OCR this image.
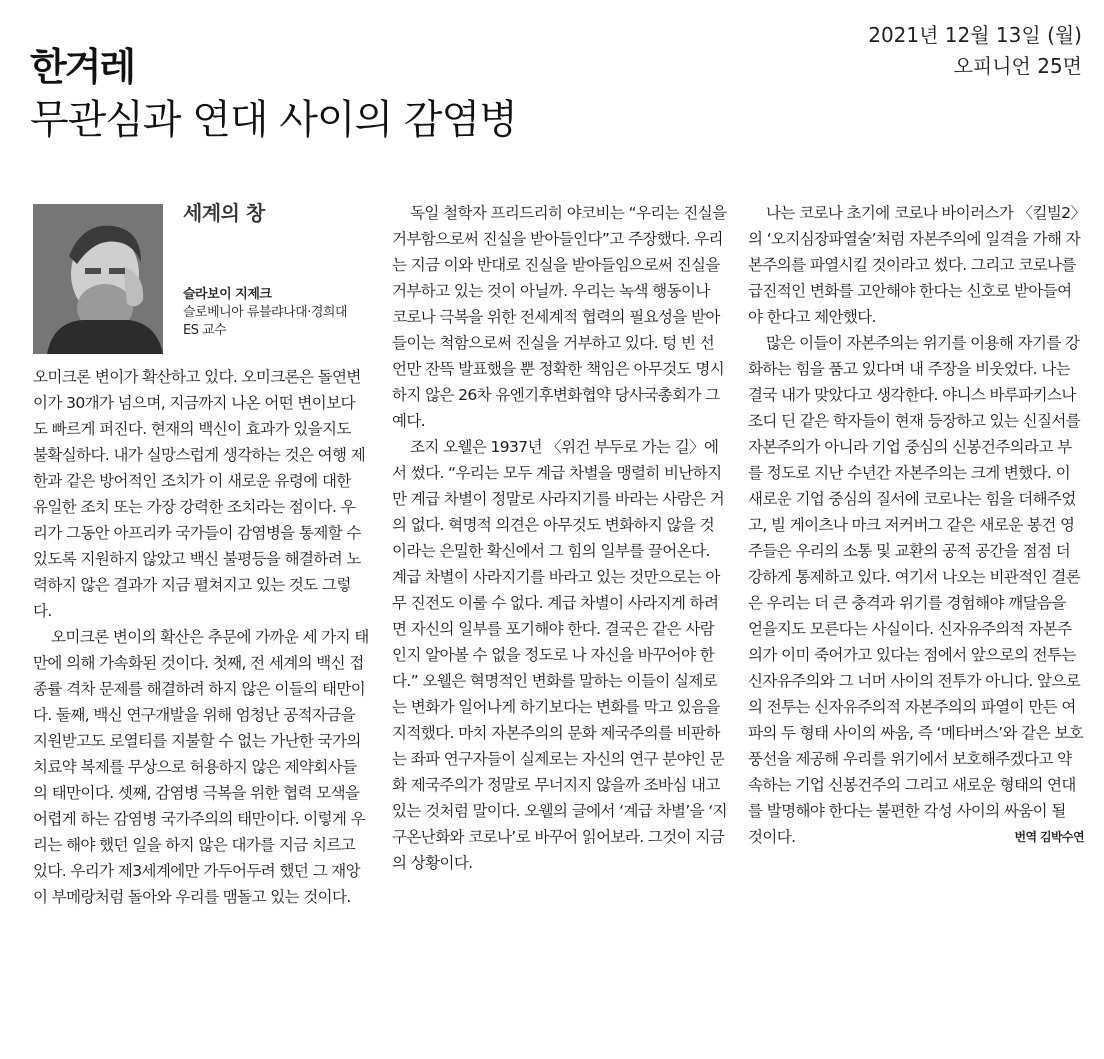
한겨레
2021년 12월 13일 (월)
오피니언 25면
무관심과 연대 사이의 감염병
세계의 창
슬라보이 지제크
슬로베니아 류블랴나대·경희대
ES 교수

오미크론 변이가 확산하고 있다. 오미크론은 돌연변이가 30개가 넘으며, 지금까지 나온 어떤 변이보다도 빠르게 퍼진다. 현재의 백신이 효과가 있을지도 불확실하다. 내가 실망스럽게 생각하는 것은 여행 제한과 같은 방어적인 조치가 이 새로운 유령에 대한 유일한 조치 또는 가장 강력한 조치라는 점이다. 우리가 그동안 아프리카 국가들이 감염병을 통제할 수 있도록 지원하지 않았고 백신 불평등을 해결하려 노력하지 않은 결과가 지금 펼쳐지고 있는 것도 그렇다.

오미크론 변이의 확산은 추문에 가까운 세 가지 태만에 의해 가속화된 것이다. 첫째, 전 세계의 백신 접종률 격차 문제를 해결하려 하지 않은 이들의 태만이다. 둘째, 백신 연구개발을 위해 엄청난 공적자금을 지원받고도 로열티를 지불할 수 없는 가난한 국가의 치료약 복제를 무상으로 허용하지 않은 제약회사들의 태만이다. 셋째, 감염병 극복을 위한 협력 모색을 어렵게 하는 감염병 국가주의의 태만이다. 이렇게 우리는 해야 했던 일을 하지 않은 대가를 지금 치르고 있다. 우리가 제3세계에만 가두어두려 했던 그 재앙이 부메랑처럼 돌아와 우리를 맴돌고 있는 것이다.

독일 철학자 프리드리히 야코비는 “우리는 진실을 거부함으로써 진실을 받아들인다”고 주장했다. 우리는 지금 이와 반대로 진실을 받아들임으로써 진실을 거부하고 있는 것이 아닐까. 우리는 녹색 행동이나 코로나 극복을 위한 전세계적 협력의 필요성을 받아들이는 척함으로써 진실을 거부하고 있다. 텅 빈 선언만 잔뜩 발표했을 뿐 정확한 책임은 아무것도 명시하지 않은 26차 유엔기후변화협약 당사국총회가 그 예다.

조지 오웰은 1937년 〈위건 부두로 가는 길〉에서 썼다. “우리는 모두 계급 차별을 맹렬히 비난하지만 계급 차별이 정말로 사라지기를 바라는 사람은 거의 없다. 혁명적 의견은 아무것도 변화하지 않을 것이라는 은밀한 확신에서 그 힘의 일부를 끌어온다. 계급 차별이 사라지기를 바라고 있는 것만으로는 아무 진전도 이룰 수 없다. 계급 차별이 사라지게 하려면 자신의 일부를 포기해야 한다. 결국은 같은 사람인지 알아볼 수 없을 정도로 나 자신을 바꾸어야 한다.” 오웰은 혁명적인 변화를 말하는 이들이 실제로는 변화가 일어나게 하기보다는 변화를 막고 있음을 지적했다. 마치 자본주의의 문화 제국주의를 비판하는 좌파 연구자들이 실제로는 자신의 연구 분야인 문화 제국주의가 정말로 무너지지 않을까 조바심 내고 있는 것처럼 말이다. 오웰의 글에서 ‘계급 차별’을 ‘지구온난화와 코로나’로 바꾸어 읽어보라. 그것이 지금의 상황이다.

나는 코로나 초기에 코로나 바이러스가 〈킬빌2〉의 ‘오지심장파열술’처럼 자본주의에 일격을 가해 자본주의를 파열시킬 것이라고 썼다. 그리고 코로나를 급진적인 변화를 고안해야 한다는 신호로 받아들여야 한다고 제안했다.

많은 이들이 자본주의는 위기를 이용해 자기를 강화하는 힘을 품고 있다며 내 주장을 비웃었다. 나는 결국 내가 맞았다고 생각한다. 야니스 바루파키스나 조디 딘 같은 학자들이 현재 등장하고 있는 신질서를 자본주의가 아니라 기업 중심의 신봉건주의라고 부를 정도로 지난 수년간 자본주의는 크게 변했다. 이 새로운 기업 중심의 질서에 코로나는 힘을 더해주었고, 빌 게이츠나 마크 저커버그 같은 새로운 봉건 영주들은 우리의 소통 및 교환의 공적 공간을 점점 더 강하게 통제하고 있다. 여기서 나오는 비관적인 결론은 우리는 더 큰 충격과 위기를 경험해야 깨달음을 얻을지도 모른다는 사실이다. 신자유주의적 자본주의가 이미 죽어가고 있다는 점에서 앞으로의 전투는 신자유주의와 그 너머 사이의 전투가 아니다. 앞으로의 전투는 신자유주의적 자본주의의 파열이 만든 여파의 두 형태 사이의 싸움, 즉 ‘메타버스’와 같은 보호 풍선을 제공해 우리를 위기에서 보호해주겠다고 약속하는 기업 신봉건주의 그리고 새로운 형태의 연대를 발명해야 한다는 불편한 각성 사이의 싸움이 될 것이다.	번역 김박수연
